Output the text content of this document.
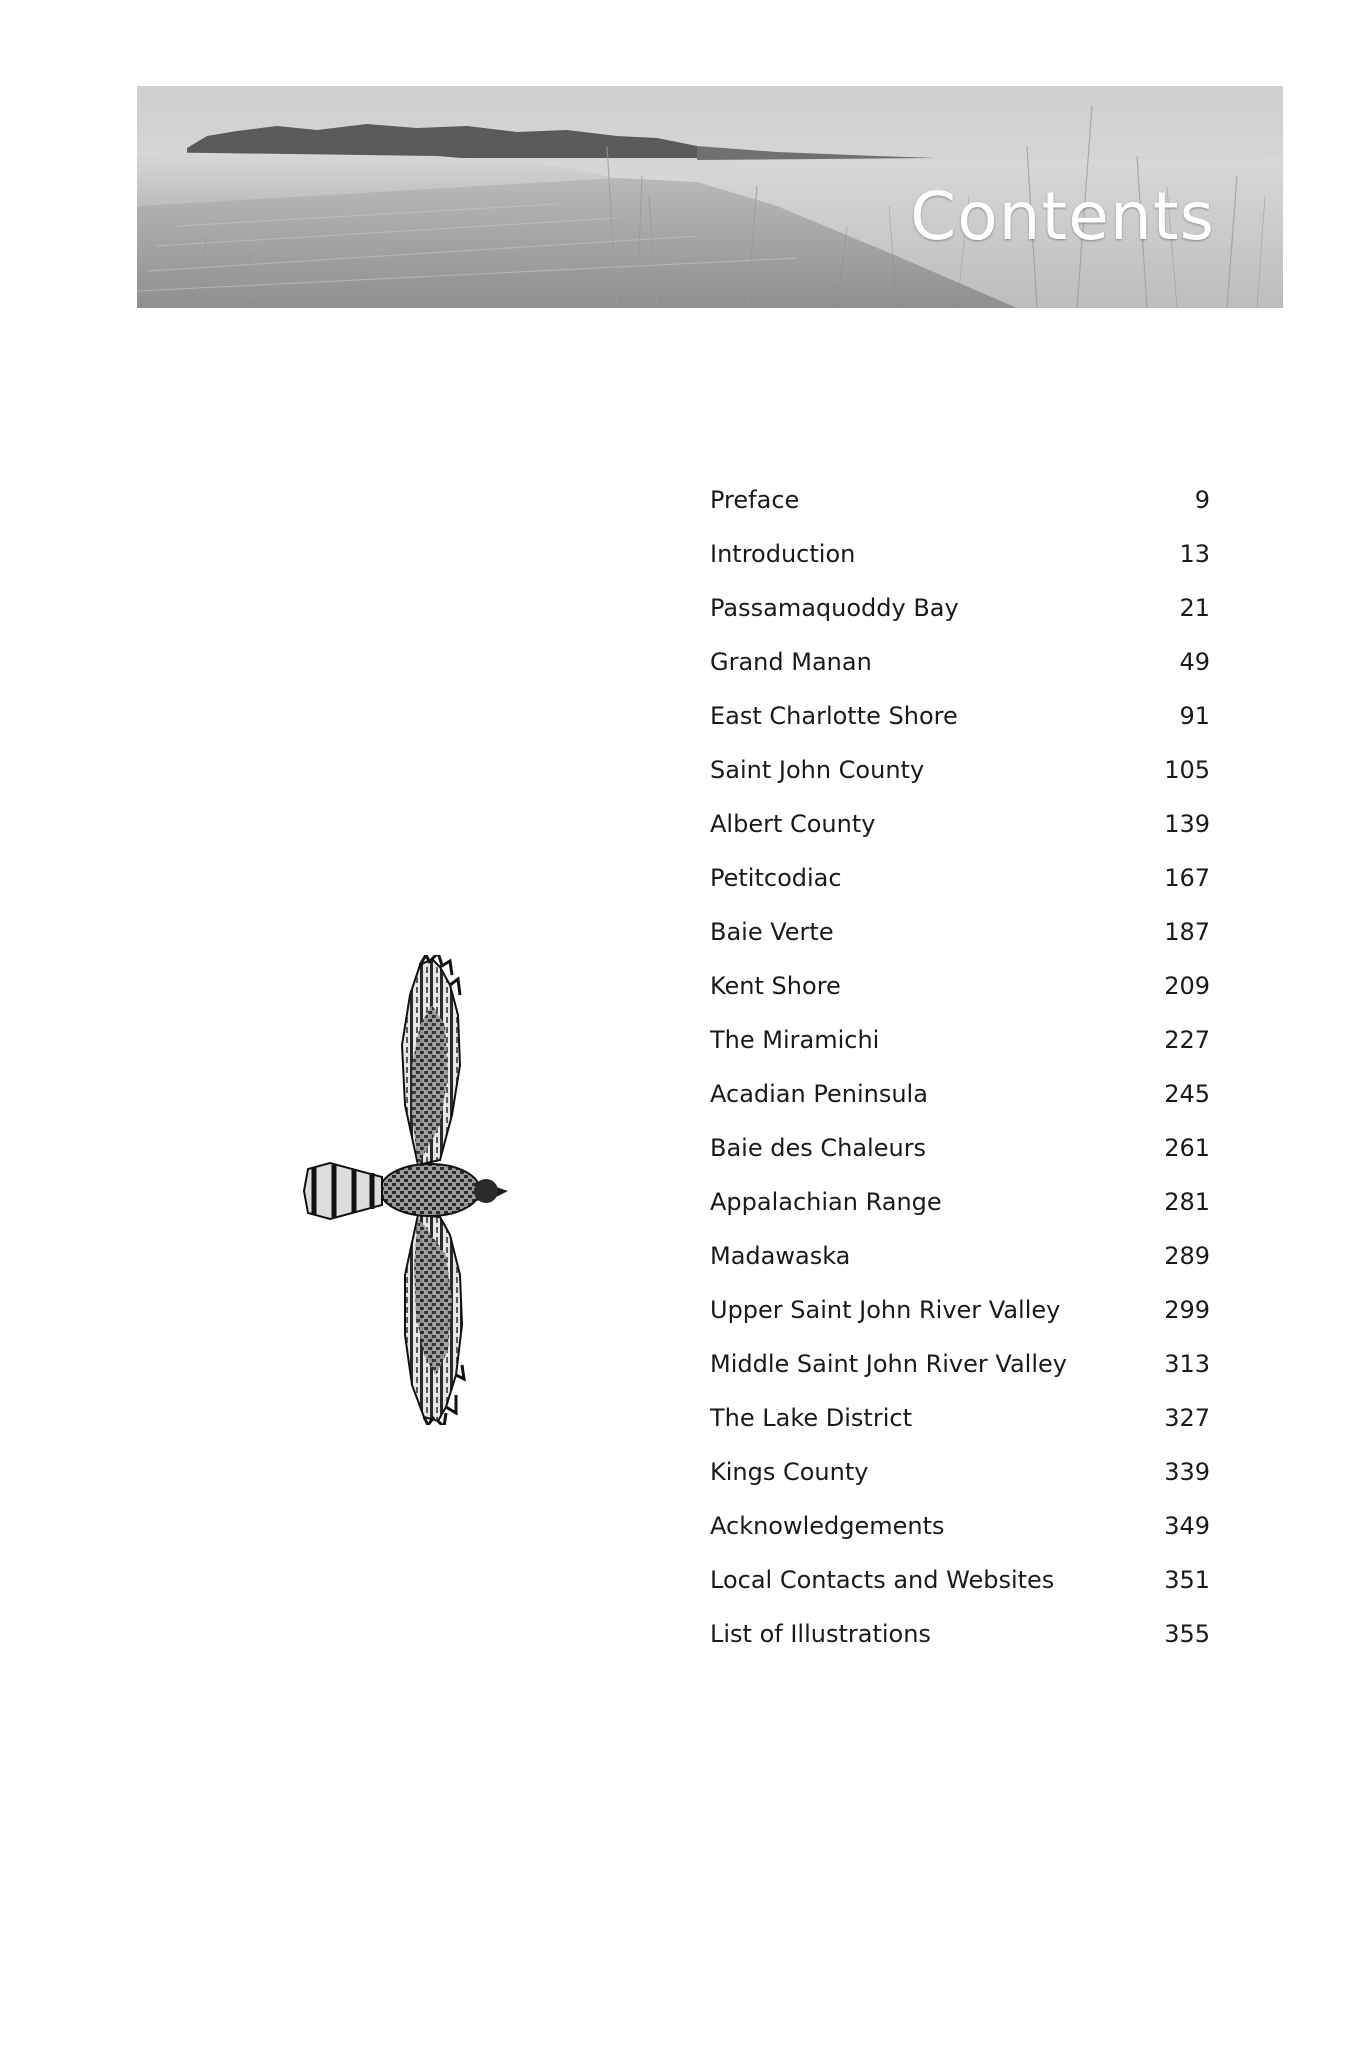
Contents
Preface	9
Introduction	13
Passamaquoddy Bay	21
Grand Manan	49
East Charlotte Shore	91
Saint John County	105
Albert County	139
Petitcodiac	167
Baie Verte	187
Kent Shore	209
The Miramichi	227
Acadian Peninsula	245
Baie des Chaleurs	261
Appalachian Range	281
Madawaska	289
Upper Saint John River Valley	299
Middle Saint John River Valley	313
The Lake District	327
Kings County	339
Acknowledgements	349
Local Contacts and Websites	351
List of Illustrations	355
